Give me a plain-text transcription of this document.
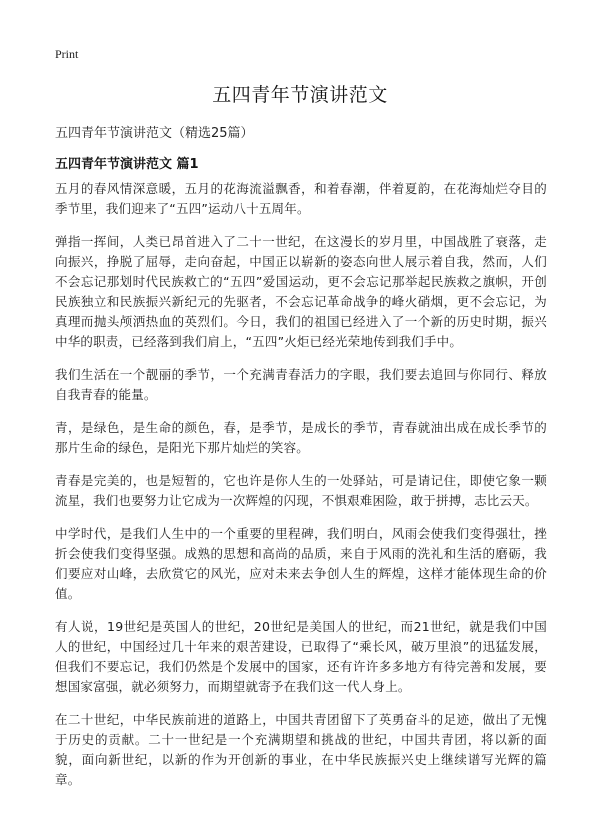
Print
五四青年节演讲范文
五四青年节演讲范文（精选25篇）
五四青年节演讲范文 篇1

五月的春风情深意暖，五月的花海流溢飘香，和着春潮，伴着夏韵，在花海灿烂夺目的季节里，我们迎来了“五四”运动八十五周年。

弹指一挥间，人类已昂首进入了二十一世纪，在这漫长的岁月里，中国战胜了衰落，走向振兴，挣脱了屈辱，走向奋起，中国正以崭新的姿态向世人展示着自我，然而，人们不会忘记那划时代民族救亡的“五四”爱国运动，更不会忘记那举起民族救之旗帜，开创民族独立和民族振兴新纪元的先驱者，不会忘记革命战争的峰火硝烟，更不会忘记，为真理而抛头颅洒热血的英烈们。今日，我们的祖国已经进入了一个新的历史时期，振兴中华的职责，已经落到我们肩上，“五四”火炬已经光荣地传到我们手中。

我们生活在一个靓丽的季节，一个充满青春活力的字眼，我们要去追回与你同行、释放自我青春的能量。

青，是绿色，是生命的颜色，春，是季节，是成长的季节，青春就油出成在成长季节的那片生命的绿色，是阳光下那片灿烂的笑容。

青春是完美的，也是短暂的，它也许是你人生的一处驿站，可是请记住，即使它象一颗流星，我们也要努力让它成为一次辉煌的闪现，不惧艰难困险，敢于拼搏，志比云天。

中学时代，是我们人生中的一个重要的里程碑，我们明白，风雨会使我们变得强壮，挫折会使我们变得坚强。成熟的思想和高尚的品质，来自于风雨的洗礼和生活的磨砺，我们要应对山峰，去欣赏它的风光，应对未来去争创人生的辉煌，这样才能体现生命的价值。

有人说，19世纪是英国人的世纪，20世纪是美国人的世纪，而21世纪，就是我们中国人的世纪，中国经过几十年来的艰苦建设，已取得了“乘长风，破万里浪”的迅猛发展，但我们不要忘记，我们仍然是个发展中的国家，还有许许多多地方有待完善和发展，要想国家富强，就必须努力，而期望就寄予在我们这一代人身上。

在二十世纪，中华民族前进的道路上，中国共青团留下了英勇奋斗的足迹，做出了无愧于历史的贡献。二十一世纪是一个充满期望和挑战的世纪，中国共青团，将以新的面貌，面向新世纪，以新的作为开创新的事业，在中华民族振兴史上继续谱写光辉的篇章。
